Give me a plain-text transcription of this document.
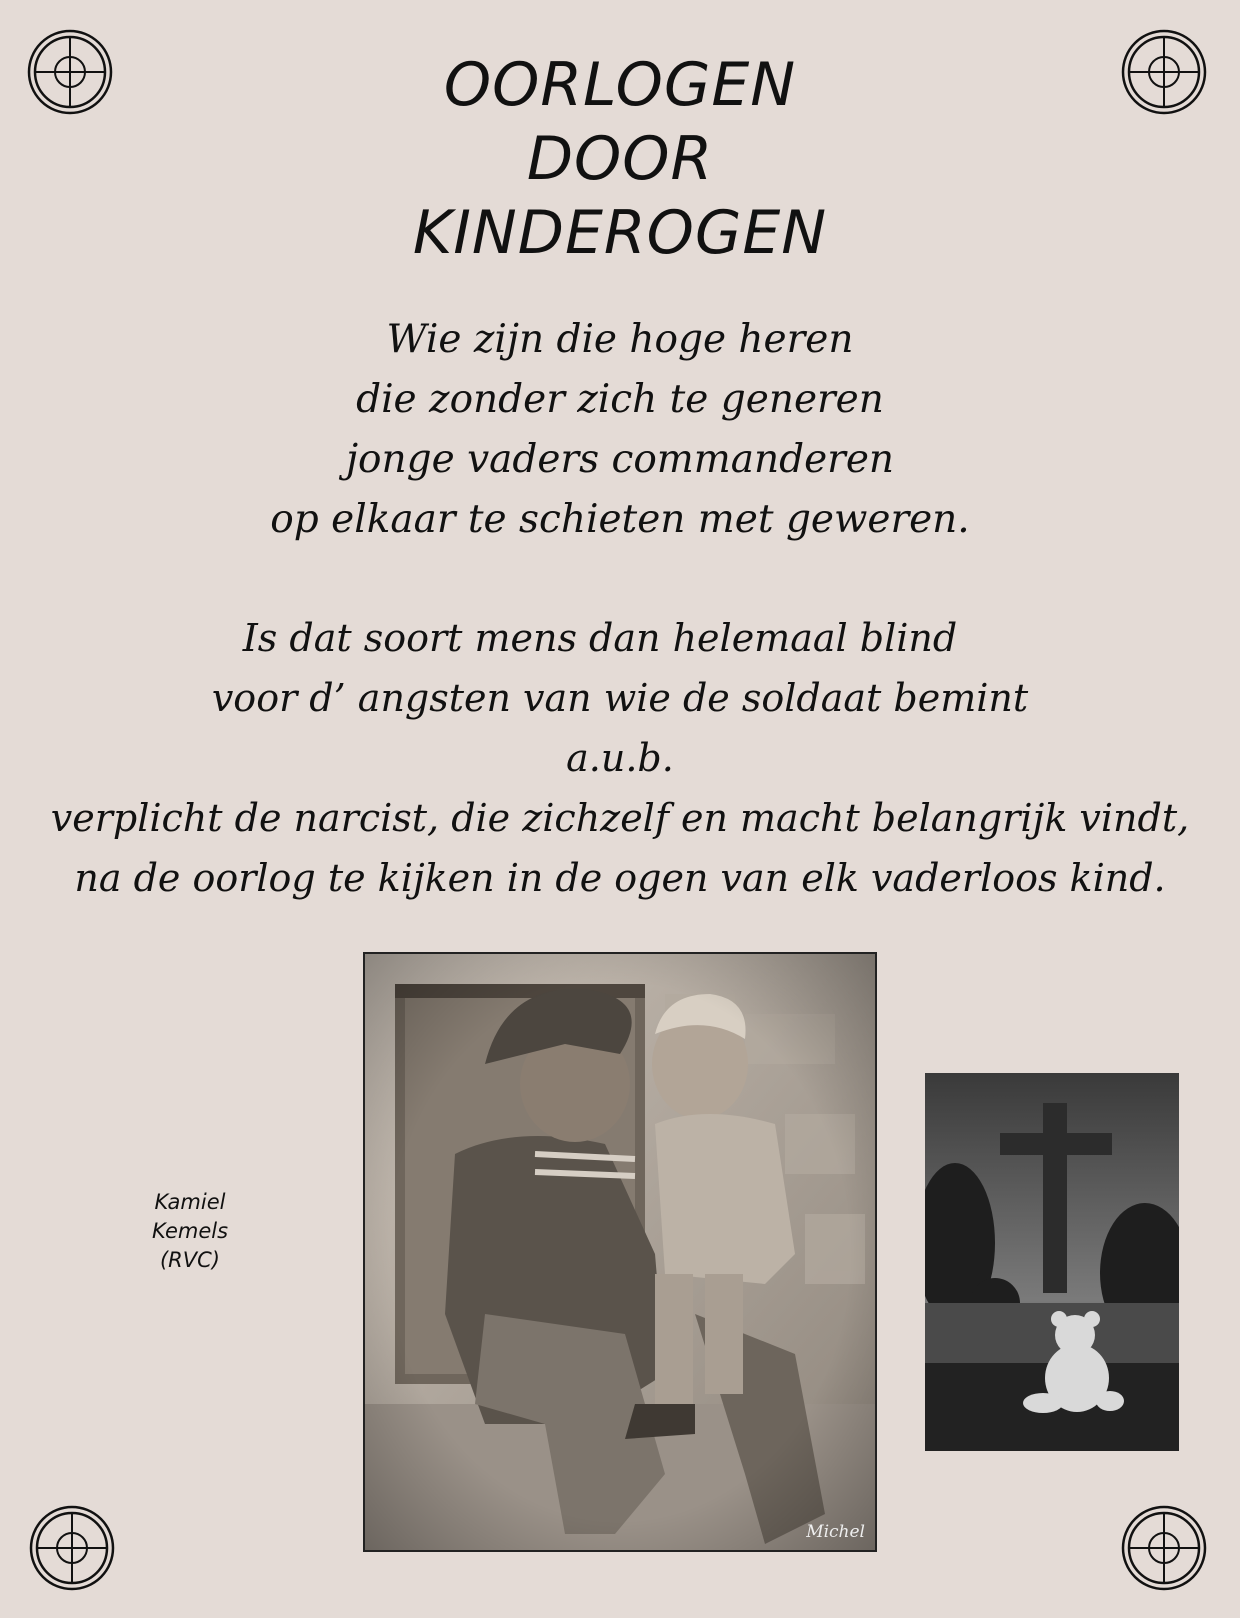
OORLOGEN
DOOR
KINDEROGEN
Wie zijn die hoge heren
die zonder zich te generen
jonge vaders commanderen
op elkaar te schieten met geweren.
Is dat soort mens dan helemaal blind
voor d’ angsten van wie de soldaat bemint
a.u.b.
verplicht de narcist, die zichzelf en macht belangrijk vindt,
na de oorlog te kijken in de ogen van elk vaderloos kind.
Kamiel
Kemels
(RVC)
Michel
